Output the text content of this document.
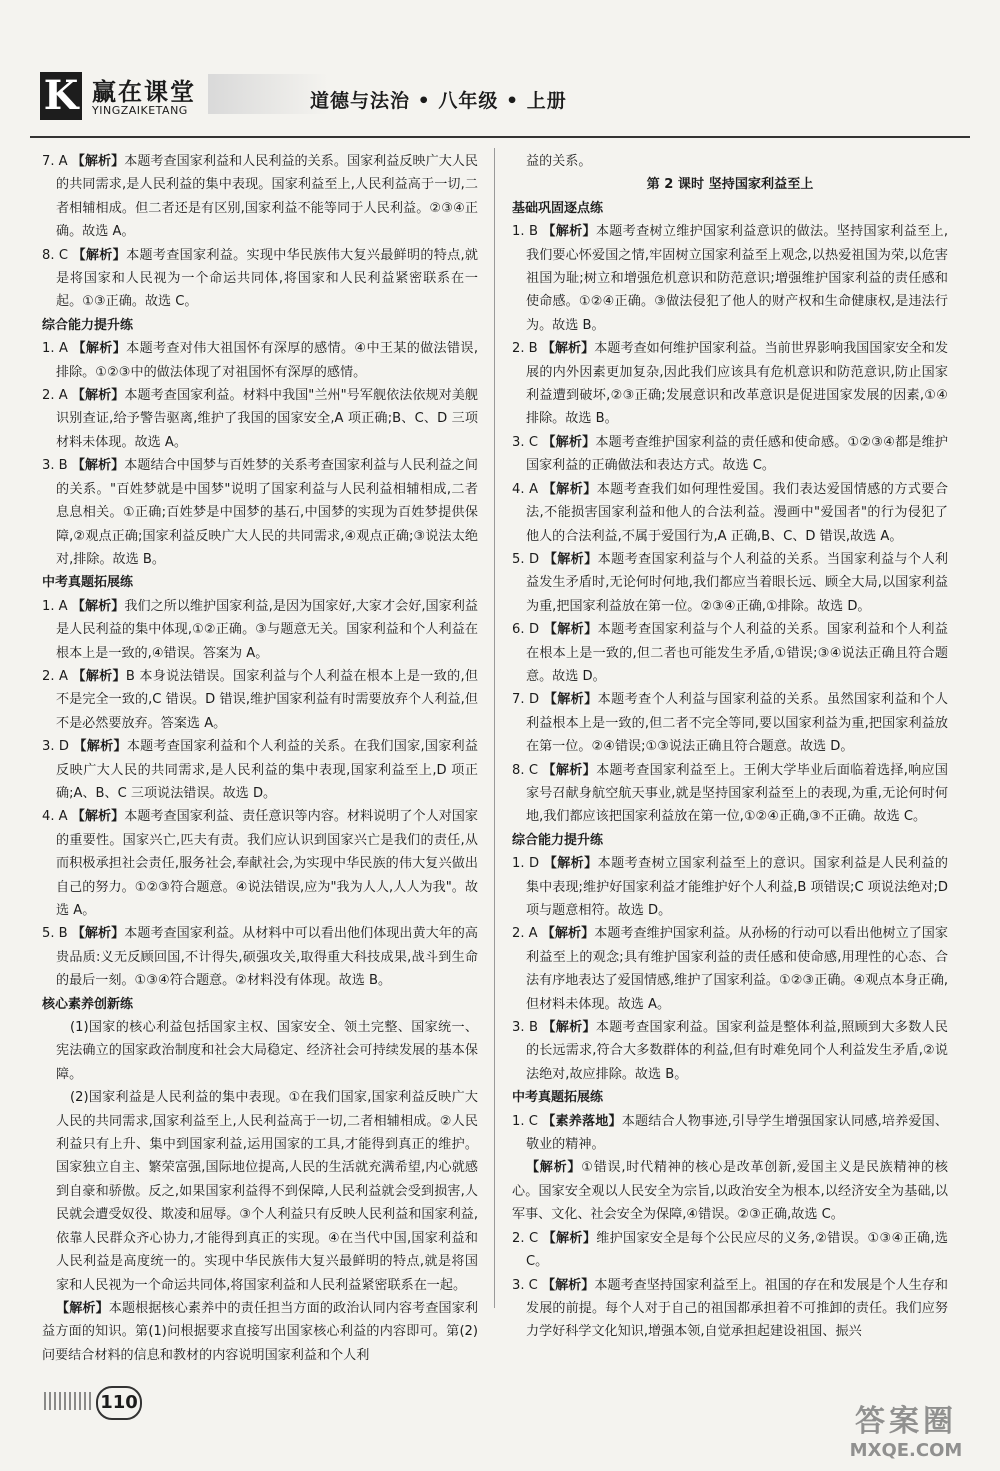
K 赢在课堂
YINGZAIKETANG	道德与法治 • 八年级 • 上册

7. A 【解析】本题考查国家利益和人民利益的关系。国家利益反映广大人民的共同需求,是人民利益的集中表现。国家利益至上,人民利益高于一切,二者相辅相成。但二者还是有区别,国家利益不能等同于人民利益。②③④正确。故选 A。

8. C 【解析】本题考查国家利益。实现中华民族伟大复兴最鲜明的特点,就是将国家和人民视为一个命运共同体,将国家和人民利益紧密联系在一起。①③正确。故选 C。

综合能力提升练

1. A 【解析】本题考查对伟大祖国怀有深厚的感情。④中王某的做法错误,排除。①②③中的做法体现了对祖国怀有深厚的感情。

2. A 【解析】本题考查国家利益。材料中我国"兰州"号军舰依法依规对美舰识别查证,给予警告驱离,维护了我国的国家安全,A 项正确;B、C、D 三项材料未体现。故选 A。

3. B 【解析】本题结合中国梦与百姓梦的关系考查国家利益与人民利益之间的关系。"百姓梦就是中国梦"说明了国家利益与人民利益相辅相成,二者息息相关。①正确;百姓梦是中国梦的基石,中国梦的实现为百姓梦提供保障,②观点正确;国家利益反映广大人民的共同需求,④观点正确;③说法太绝对,排除。故选 B。

中考真题拓展练

1. A 【解析】我们之所以维护国家利益,是因为国家好,大家才会好,国家利益是人民利益的集中体现,①②正确。③与题意无关。国家利益和个人利益在根本上是一致的,④错误。答案为 A。

2. A 【解析】B 本身说法错误。国家利益与个人利益在根本上是一致的,但不是完全一致的,C 错误。D 错误,维护国家利益有时需要放弃个人利益,但不是必然要放弃。答案选 A。

3. D 【解析】本题考查国家利益和个人利益的关系。在我们国家,国家利益反映广大人民的共同需求,是人民利益的集中表现,国家利益至上,D 项正确;A、B、C 三项说法错误。故选 D。

4. A 【解析】本题考查国家利益、责任意识等内容。材料说明了个人对国家的重要性。国家兴亡,匹夫有责。我们应认识到国家兴亡是我们的责任,从而积极承担社会责任,服务社会,奉献社会,为实现中华民族的伟大复兴做出自己的努力。①②③符合题意。④说法错误,应为"我为人人,人人为我"。故选 A。

5. B 【解析】本题考查国家利益。从材料中可以看出他们体现出黄大年的高贵品质:义无反顾回国,不计得失,硕强攻关,取得重大科技成果,战斗到生命的最后一刻。①③④符合题意。②材料没有体现。故选 B。

核心素养创新练

(1)国家的核心利益包括国家主权、国家安全、领土完整、国家统一、宪法确立的国家政治制度和社会大局稳定、经济社会可持续发展的基本保障。

(2)国家利益是人民利益的集中表现。①在我们国家,国家利益反映广大人民的共同需求,国家利益至上,人民利益高于一切,二者相辅相成。②人民利益只有上升、集中到国家利益,运用国家的工具,才能得到真正的维护。国家独立自主、繁荣富强,国际地位提高,人民的生活就充满希望,内心就感到自豪和骄傲。反之,如果国家利益得不到保障,人民利益就会受到损害,人民就会遭受奴役、欺凌和屈辱。③个人利益只有反映人民利益和国家利益,依靠人民群众齐心协力,才能得到真正的实现。④在当代中国,国家利益和人民利益是高度统一的。实现中华民族伟大复兴最鲜明的特点,就是将国家和人民视为一个命运共同体,将国家利益和人民利益紧密联系在一起。

【解析】本题根据核心素养中的责任担当方面的政治认同内容考查国家利益方面的知识。第(1)问根据要求直接写出国家核心利益的内容即可。第(2)问要结合材料的信息和教材的内容说明国家利益和个人利

益的关系。

第 2 课时 坚持国家利益至上

基础巩固逐点练

1. B 【解析】本题考查树立维护国家利益意识的做法。坚持国家利益至上,我们要心怀爱国之情,牢固树立国家利益至上观念,以热爱祖国为荣,以危害祖国为耻;树立和增强危机意识和防范意识;增强维护国家利益的责任感和使命感。①②④正确。③做法侵犯了他人的财产权和生命健康权,是违法行为。故选 B。

2. B 【解析】本题考查如何维护国家利益。当前世界影响我国国家安全和发展的内外因素更加复杂,因此我们应该具有危机意识和防范意识,防止国家利益遭到破坏,②③正确;发展意识和改革意识是促进国家发展的因素,①④排除。故选 B。

3. C 【解析】本题考查维护国家利益的责任感和使命感。①②③④都是维护国家利益的正确做法和表达方式。故选 C。

4. A 【解析】本题考查我们如何理性爱国。我们表达爱国情感的方式要合法,不能损害国家利益和他人的合法利益。漫画中"爱国者"的行为侵犯了他人的合法利益,不属于爱国行为,A 正确,B、C、D 错误,故选 A。

5. D 【解析】本题考查国家利益与个人利益的关系。当国家利益与个人利益发生矛盾时,无论何时何地,我们都应当着眼长远、顾全大局,以国家利益为重,把国家利益放在第一位。②③④正确,①排除。故选 D。

6. D 【解析】本题考查国家利益与个人利益的关系。国家利益和个人利益在根本上是一致的,但二者也可能发生矛盾,①错误;③④说法正确且符合题意。故选 D。

7. D 【解析】本题考查个人利益与国家利益的关系。虽然国家利益和个人利益根本上是一致的,但二者不完全等同,要以国家利益为重,把国家利益放在第一位。②④错误;①③说法正确且符合题意。故选 D。

8. C 【解析】本题考查国家利益至上。王俐大学毕业后面临着选择,响应国家号召献身航空航天事业,就是坚持国家利益至上的表现,为重,无论何时何地,我们都应该把国家利益放在第一位,①②④正确,③不正确。故选 C。

综合能力提升练

1. D 【解析】本题考查树立国家利益至上的意识。国家利益是人民利益的集中表现;维护好国家利益才能维护好个人利益,B 项错误;C 项说法绝对;D 项与题意相符。故选 D。

2. A 【解析】本题考查维护国家利益。从孙杨的行动可以看出他树立了国家利益至上的观念;具有维护国家利益的责任感和使命感,用理性的心态、合法有序地表达了爱国情感,维护了国家利益。①②③正确。④观点本身正确,但材料未体现。故选 A。

3. B 【解析】本题考查国家利益。国家利益是整体利益,照顾到大多数人民的长远需求,符合大多数群体的利益,但有时难免同个人利益发生矛盾,②说法绝对,故应排除。故选 B。

中考真题拓展练

1. C 【素养落地】本题结合人物事迹,引导学生增强国家认同感,培养爱国、敬业的精神。

【解析】①错误,时代精神的核心是改革创新,爱国主义是民族精神的核心。国家安全观以人民安全为宗旨,以政治安全为根本,以经济安全为基础,以军事、文化、社会安全为保障,④错误。②③正确,故选 C。

2. C 【解析】维护国家安全是每个公民应尽的义务,②错误。①③④正确,选 C。

3. C 【解析】本题考查坚持国家利益至上。祖国的存在和发展是个人生存和发展的前提。每个人对于自己的祖国都承担着不可推卸的责任。我们应努力学好科学文化知识,增强本领,自觉承担起建设祖国、振兴

110
答案圈
MXQE.COM
